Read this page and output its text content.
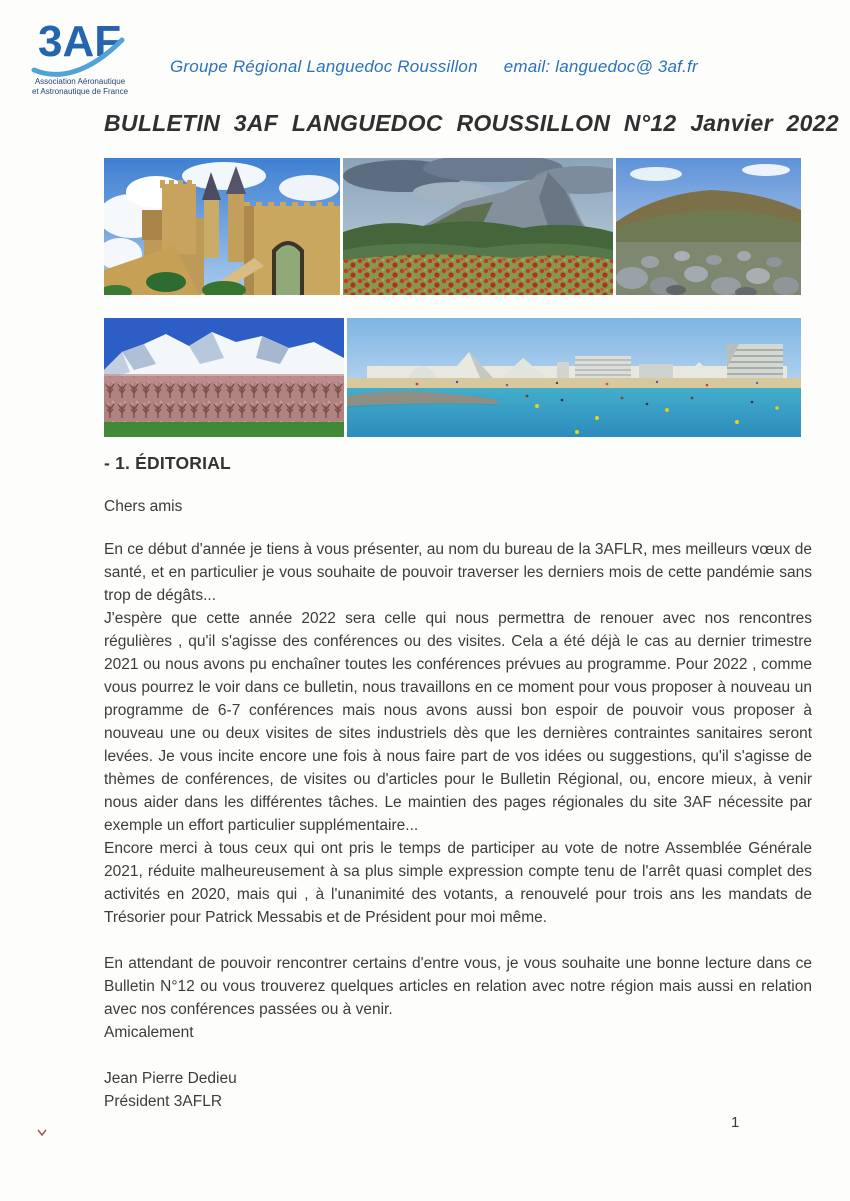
3AF
Association Aéronautique
et Astronautique de France
Groupe Régional Languedoc Roussillon email: languedoc@ 3af.fr
BULLETIN 3AF LANGUEDOC ROUSSILLON N°12 Janvier 2022
- 1. ÉDITORIAL

Chers amis

En ce début d'année je tiens à vous présenter, au nom du bureau de la 3AFLR, mes meilleurs vœux de santé, et en particulier je vous souhaite de pouvoir traverser les derniers mois de cette pandémie sans trop de dégâts...

J'espère que cette année 2022 sera celle qui nous permettra de renouer avec nos rencontres régulières , qu'il s'agisse des conférences ou des visites. Cela a été déjà le cas au dernier trimestre 2021 ou nous avons pu enchaîner toutes les conférences prévues au programme. Pour 2022 , comme vous pourrez le voir dans ce bulletin, nous travaillons en ce moment pour vous proposer à nouveau un programme de 6-7 conférences mais nous avons aussi bon espoir de pouvoir vous proposer à nouveau une ou deux visites de sites industriels dès que les dernières contraintes sanitaires seront levées. Je vous incite encore une fois à nous faire part de vos idées ou suggestions, qu'il s'agisse de thèmes de conférences, de visites ou d'articles pour le Bulletin Régional, ou, encore mieux, à venir nous aider dans les différentes tâches. Le maintien des pages régionales du site 3AF nécessite par exemple un effort particulier supplémentaire...

Encore merci à tous ceux qui ont pris le temps de participer au vote de notre Assemblée Générale 2021, réduite malheureusement à sa plus simple expression compte tenu de l'arrêt quasi complet des activités en 2020, mais qui , à l'unanimité des votants, a renouvelé pour trois ans les mandats de Trésorier pour Patrick Messabis et de Président pour moi même.

En attendant de pouvoir rencontrer certains d'entre vous, je vous souhaite une bonne lecture dans ce Bulletin N°12 ou vous trouverez quelques articles en relation avec notre région mais aussi en relation avec nos conférences passées ou à venir.

Amicalement

Jean Pierre Dedieu

Président 3AFLR

1
